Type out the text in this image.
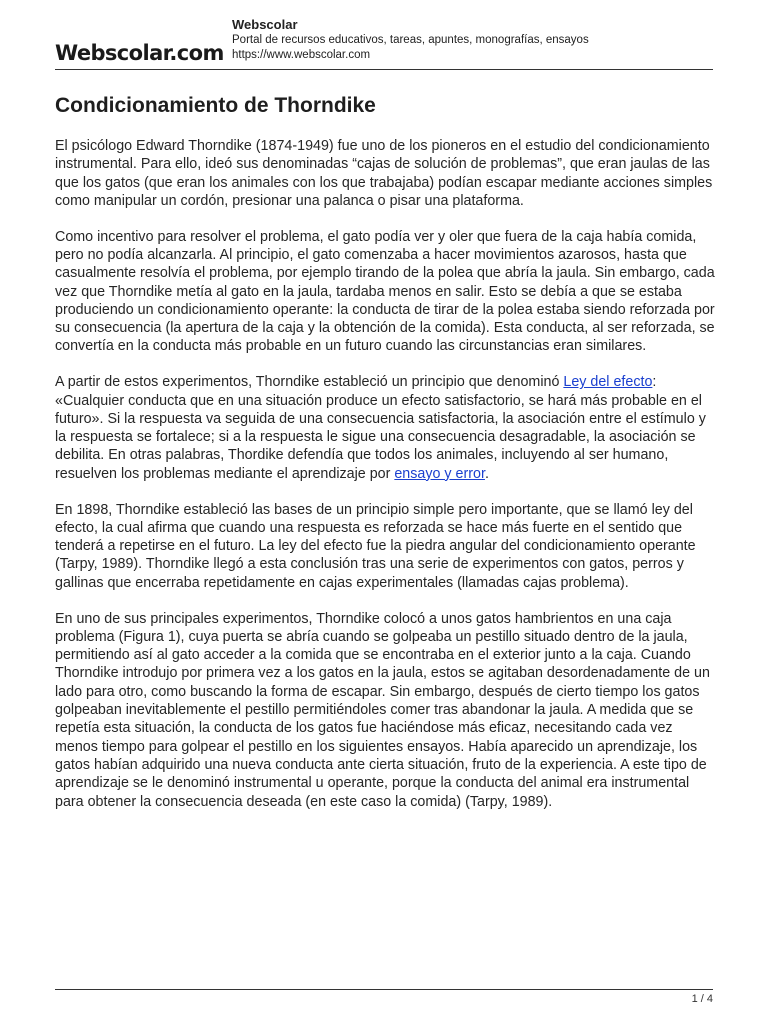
Webscolar.com
Webscolar
Portal de recursos educativos, tareas, apuntes, monografías, ensayos
https://www.webscolar.com
Condicionamiento de Thorndike

El psicólogo Edward Thorndike (1874-1949) fue uno de los pioneros en el estudio del condicionamiento instrumental. Para ello, ideó sus denominadas “cajas de solución de problemas”, que eran jaulas de las que los gatos (que eran los animales con los que trabajaba) podían escapar mediante acciones simples como manipular un cordón, presionar una palanca o pisar una plataforma.

Como incentivo para resolver el problema, el gato podía ver y oler que fuera de la caja había comida, pero no podía alcanzarla. Al principio, el gato comenzaba a hacer movimientos azarosos, hasta que casualmente resolvía el problema, por ejemplo tirando de la polea que abría la jaula. Sin embargo, cada vez que Thorndike metía al gato en la jaula, tardaba menos en salir. Esto se debía a que se estaba produciendo un condicionamiento operante: la conducta de tirar de la polea estaba siendo reforzada por su consecuencia (la apertura de la caja y la obtención de la comida). Esta conducta, al ser reforzada, se convertía en la conducta más probable en un futuro cuando las circunstancias eran similares.

A partir de estos experimentos, Thorndike estableció un principio que denominó Ley del efecto: «Cualquier conducta que en una situación produce un efecto satisfactorio, se hará más probable en el futuro». Si la respuesta va seguida de una consecuencia satisfactoria, la asociación entre el estímulo y la respuesta se fortalece; si a la respuesta le sigue una consecuencia desagradable, la asociación se debilita. En otras palabras, Thordike defendía que todos los animales, incluyendo al ser humano, resuelven los problemas mediante el aprendizaje por ensayo y error.

En 1898, Thorndike estableció las bases de un principio simple pero importante, que se llamó ley del efecto, la cual afirma que cuando una respuesta es reforzada se hace más fuerte en el sentido que tenderá a repetirse en el futuro. La ley del efecto fue la piedra angular del condicionamiento operante (Tarpy, 1989). Thorndike llegó a esta conclusión tras una serie de experimentos con gatos, perros y gallinas que encerraba repetidamente en cajas experimentales (llamadas cajas problema).

En uno de sus principales experimentos, Thorndike colocó a unos gatos hambrientos en una caja problema (Figura 1), cuya puerta se abría cuando se golpeaba un pestillo situado dentro de la jaula, permitiendo así al gato acceder a la comida que se encontraba en el exterior junto a la caja. Cuando Thorndike introdujo por primera vez a los gatos en la jaula, estos se agitaban desordenadamente de un lado para otro, como buscando la forma de escapar. Sin embargo, después de cierto tiempo los gatos golpeaban inevitablemente el pestillo permitiéndoles comer tras abandonar la jaula. A medida que se repetía esta situación, la conducta de los gatos fue haciéndose más eficaz, necesitando cada vez menos tiempo para golpear el pestillo en los siguientes ensayos. Había aparecido un aprendizaje, los gatos habían adquirido una nueva conducta ante cierta situación, fruto de la experiencia. A este tipo de aprendizaje se le denominó instrumental u operante, porque la conducta del animal era instrumental para obtener la consecuencia deseada (en este caso la comida) (Tarpy, 1989).

1 / 4
